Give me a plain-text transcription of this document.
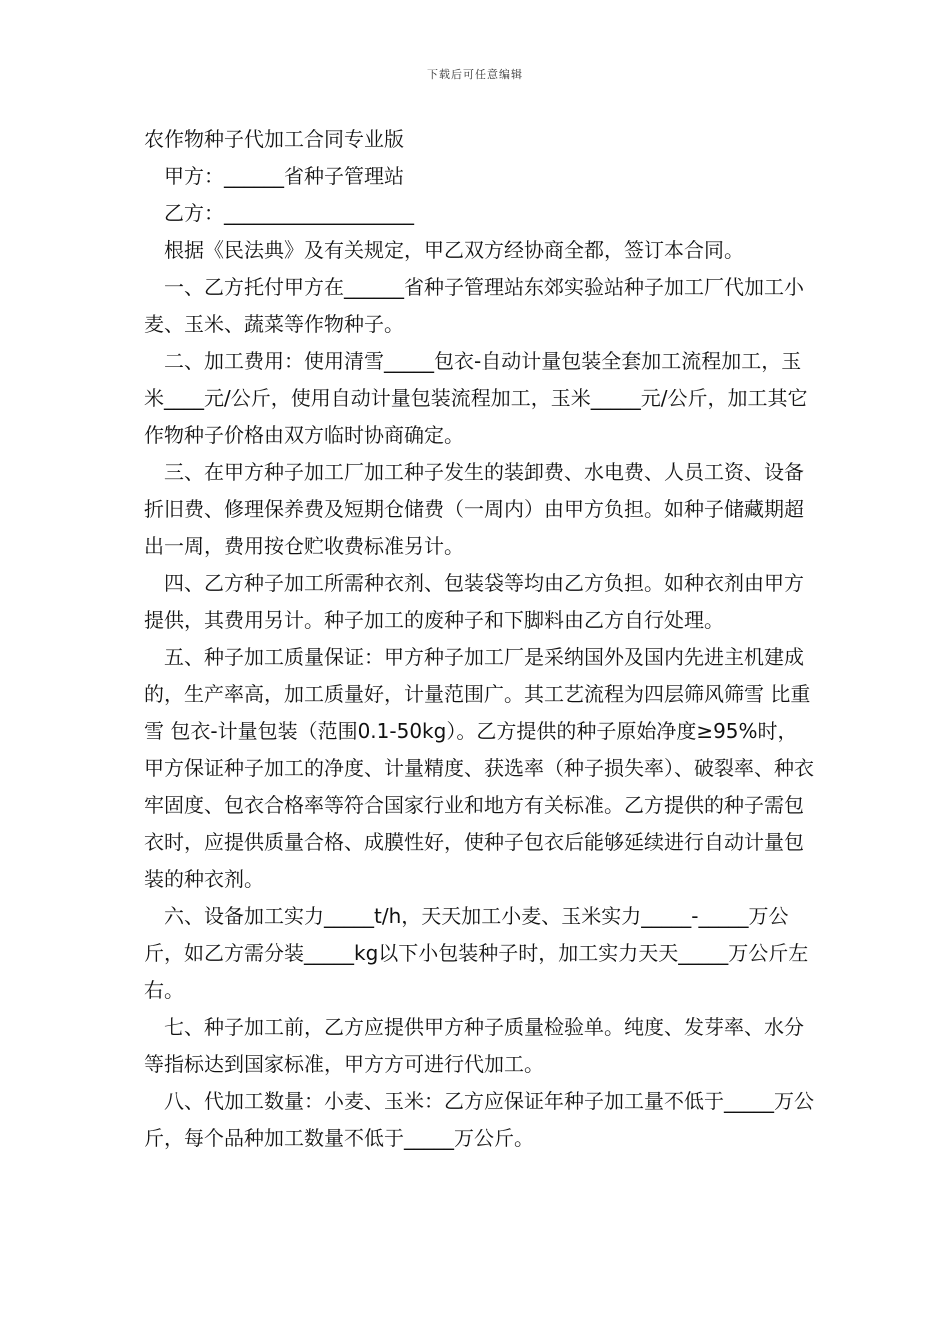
下载后可任意编辑

农作物种子代加工合同专业版

　甲方：______省种子管理站

　乙方：___________________

　根据《民法典》及有关规定，甲乙双方经协商全都，签订本合同。

　一、乙方托付甲方在______省种子管理站东郊实验站种子加工厂代加工小麦、玉米、蔬菜等作物种子。

　二、加工费用：使用清雪_____包衣-自动计量包装全套加工流程加工，玉米____元/公斤，使用自动计量包装流程加工，玉米_____元/公斤，加工其它作物种子价格由双方临时协商确定。

　三、在甲方种子加工厂加工种子发生的装卸费、水电费、人员工资、设备折旧费、修理保养费及短期仓储费（一周内）由甲方负担。如种子储藏期超出一周，费用按仓贮收费标准另计。

　四、乙方种子加工所需种衣剂、包装袋等均由乙方负担。如种衣剂由甲方提供，其费用另计。种子加工的废种子和下脚料由乙方自行处理。

　五、种子加工质量保证：甲方种子加工厂是采纳国外及国内先进主机建成的，生产率高，加工质量好，计量范围广。其工艺流程为四层筛风筛雪 比重雪 包衣-计量包装（范围0.1-50kg）。乙方提供的种子原始净度≥95%时，甲方保证种子加工的净度、计量精度、获选率（种子损失率）、破裂率、种衣牢固度、包衣合格率等符合国家行业和地方有关标准。乙方提供的种子需包衣时，应提供质量合格、成膜性好，使种子包衣后能够延续进行自动计量包装的种衣剂。

　六、设备加工实力_____t/h，天天加工小麦、玉米实力_____-_____万公斤，如乙方需分装_____kg以下小包装种子时，加工实力天天_____万公斤左右。

　七、种子加工前，乙方应提供甲方种子质量检验单。纯度、发芽率、水分等指标达到国家标准，甲方方可进行代加工。

　八、代加工数量：小麦、玉米：乙方应保证年种子加工量不低于_____万公斤，每个品种加工数量不低于_____万公斤。
